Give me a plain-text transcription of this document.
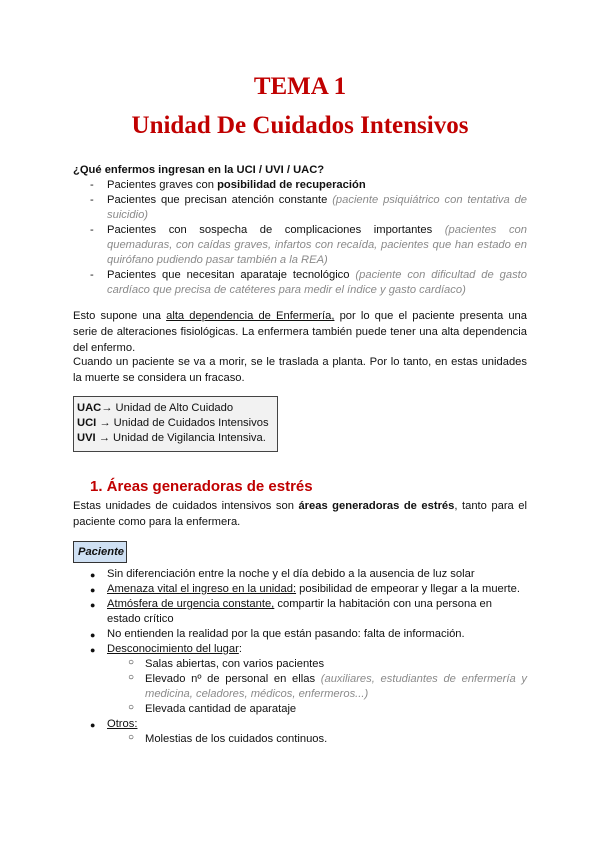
TEMA 1
Unidad De Cuidados Intensivos
¿Qué enfermos ingresan en la UCI / UVI / UAC?
- Pacientes graves con posibilidad de recuperación
- Pacientes que precisan atención constante (paciente psiquiátrico con tentativa de suicidio)
- Pacientes con sospecha de complicaciones importantes (pacientes con quemaduras, con caídas graves, infartos con recaída, pacientes que han estado en quirófano pudiendo pasar también a la REA)
- Pacientes que necesitan aparataje tecnológico (paciente con dificultad de gasto cardíaco que precisa de catéteres para medir el índice y gasto cardíaco)
Esto supone una alta dependencia de Enfermería, por lo que el paciente presenta una serie de alteraciones fisiológicas. La enfermera también puede tener una alta dependencia del enfermo.
Cuando un paciente se va a morir, se le traslada a planta. Por lo tanto, en estas unidades la muerte se considera un fracaso.
UAC→ Unidad de Alto Cuidado
UCI → Unidad de Cuidados Intensivos
UVI → Unidad de Vigilancia Intensiva.
1. Áreas generadoras de estrés
Estas unidades de cuidados intensivos son áreas generadoras de estrés, tanto para el paciente como para la enfermera.
Paciente
● Sin diferenciación entre la noche y el día debido a la ausencia de luz solar
● Amenaza vital el ingreso en la unidad: posibilidad de empeorar y llegar a la muerte.
● Atmósfera de urgencia constante, compartir la habitación con una persona en estado crítico
● No entienden la realidad por la que están pasando: falta de información.
● Desconocimiento del lugar:
○ Salas abiertas, con varios pacientes
○ Elevado nº de personal en ellas (auxiliares, estudiantes de enfermería y medicina, celadores, médicos, enfermeros...)
○ Elevada cantidad de aparataje
● Otros:
○ Molestias de los cuidados continuos.
